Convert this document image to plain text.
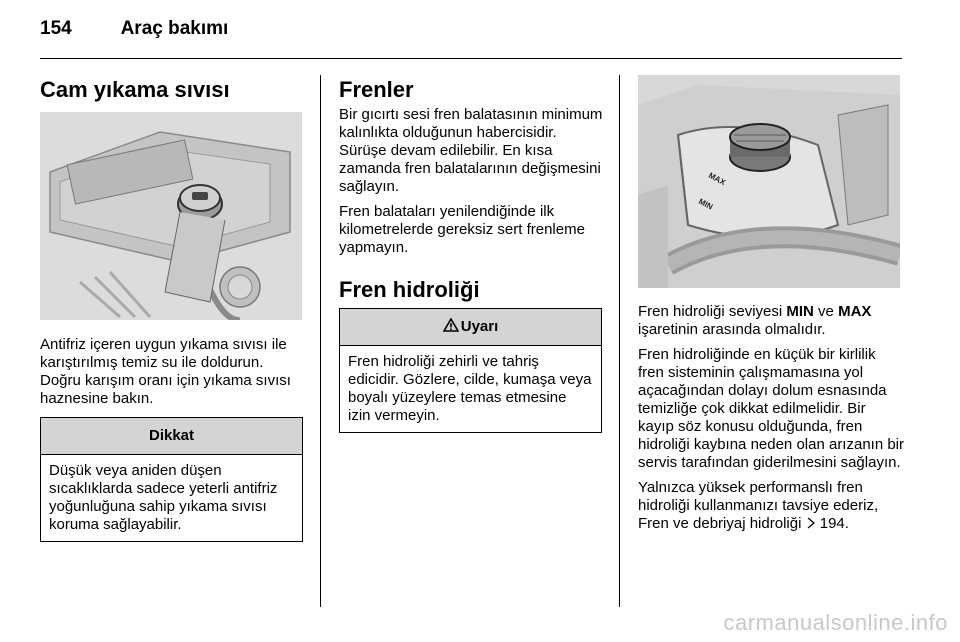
154	Araç bakımı
Cam yıkama sıvısı

Antifriz içeren uygun yıkama sıvısı ile karıştırılmış temiz su ile doldurun. Doğru karışım oranı için yıkama sıvısı haznesine bakın.

Dikkat
Düşük veya aniden düşen sıcaklıklarda sadece yeterli antifriz yoğunluğuna sahip yıkama sıvısı koruma sağlayabilir.
Frenler

Bir gıcırtı sesi fren balatasının minimum kalınlıkta olduğunun habercisidir. Sürüşe devam edilebilir. En kısa zamanda fren balatalarının değişmesini sağlayın.

Fren balataları yenilendiğinde ilk kilometrelerde gereksiz sert frenleme yapmayın.

Fren hidroliği
Uyarı
Fren hidroliği zehirli ve tahriş edicidir. Gözlere, cilde, kumaşa veya boyalı yüzeylere temas etmesine izin vermeyin.
MAX
MIN

Fren hidroliği seviyesi MIN ve MAX işaretinin arasında olmalıdır.

Fren hidroliğinde en küçük bir kirlilik fren sisteminin çalışmamasına yol açacağından dolayı dolum esnasında temizliğe çok dikkat edilmelidir. Bir kayıp söz konusu olduğunda, fren hidroliği kaybına neden olan arızanın bir servis tarafından giderilmesini sağlayın.

Yalnızca yüksek performanslı fren hidroliği kullanmanızı tavsiye ederiz, Fren ve debriyaj hidroliği  194.

carmanualsonline.info
